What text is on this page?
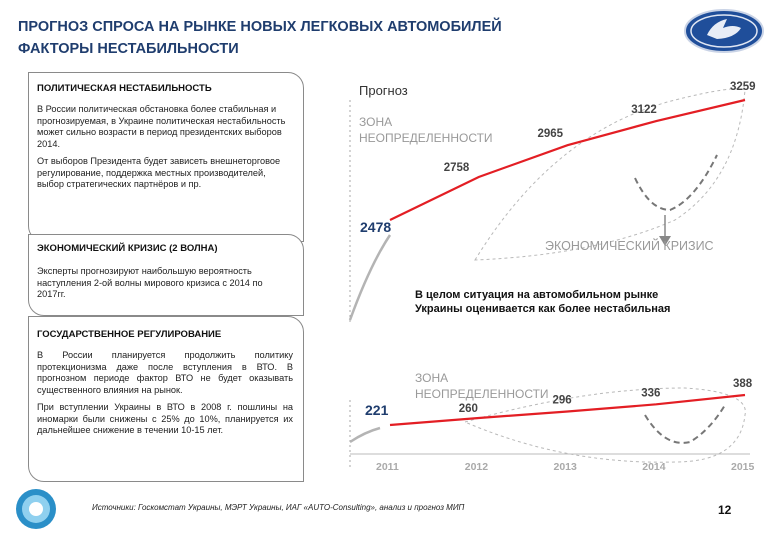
ПРОГНОЗ СПРОСА НА РЫНКЕ НОВЫХ ЛЕГКОВЫХ АВТОМОБИЛЕЙ
ФАКТОРЫ НЕСТАБИЛЬНОСТИ
ПОЛИТИЧЕСКАЯ НЕСТАБИЛЬНОСТЬ

В России политическая обстановка более стабильная и прогнозируемая, в Украине политическая нестабильность может сильно возрасти в период президентских выборов 2014.

От выборов Президента будет зависеть внешнеторговое регулирование, поддержка местных производителей, выбор стратегических партнёров и пр.

ЭКОНОМИЧЕСКИЙ КРИЗИС (2 ВОЛНА)

Эксперты прогнозируют наибольшую вероятность наступления 2-ой волны мирового кризиса с 2014 по 2017гг.

ГОСУДАРСТВЕННОЕ РЕГУЛИРОВАНИЕ

В России планируется продолжить политику протекционизма даже после вступления в ВТО. В прогнозном периоде фактор ВТО не будет оказывать существенного влияния на рынок.

При вступлении Украины в ВТО в 2008 г. пошлины на иномарки были снижены с 25% до 10%, планируется их дальнейшее снижение в течении 10-15 лет.

2478
2758
2965
3122
3259
Прогноз
ЗОНА
НЕОПРЕДЕЛЕННОСТИ
ЭКОНОМИЧЕСКИЙ КРИЗИС
ЗОНА
НЕОПРЕДЕЛЕННОСТИ
221	260
296
336
388
2011	2012	2013	2014	2015
В целом ситуация на автомобильном рынке Украины оценивается как более нестабильная
Источники: Госкомстат Украины, МЭРТ Украины, ИАГ «AUTO-Consulting», анализ и прогноз МИП	12
